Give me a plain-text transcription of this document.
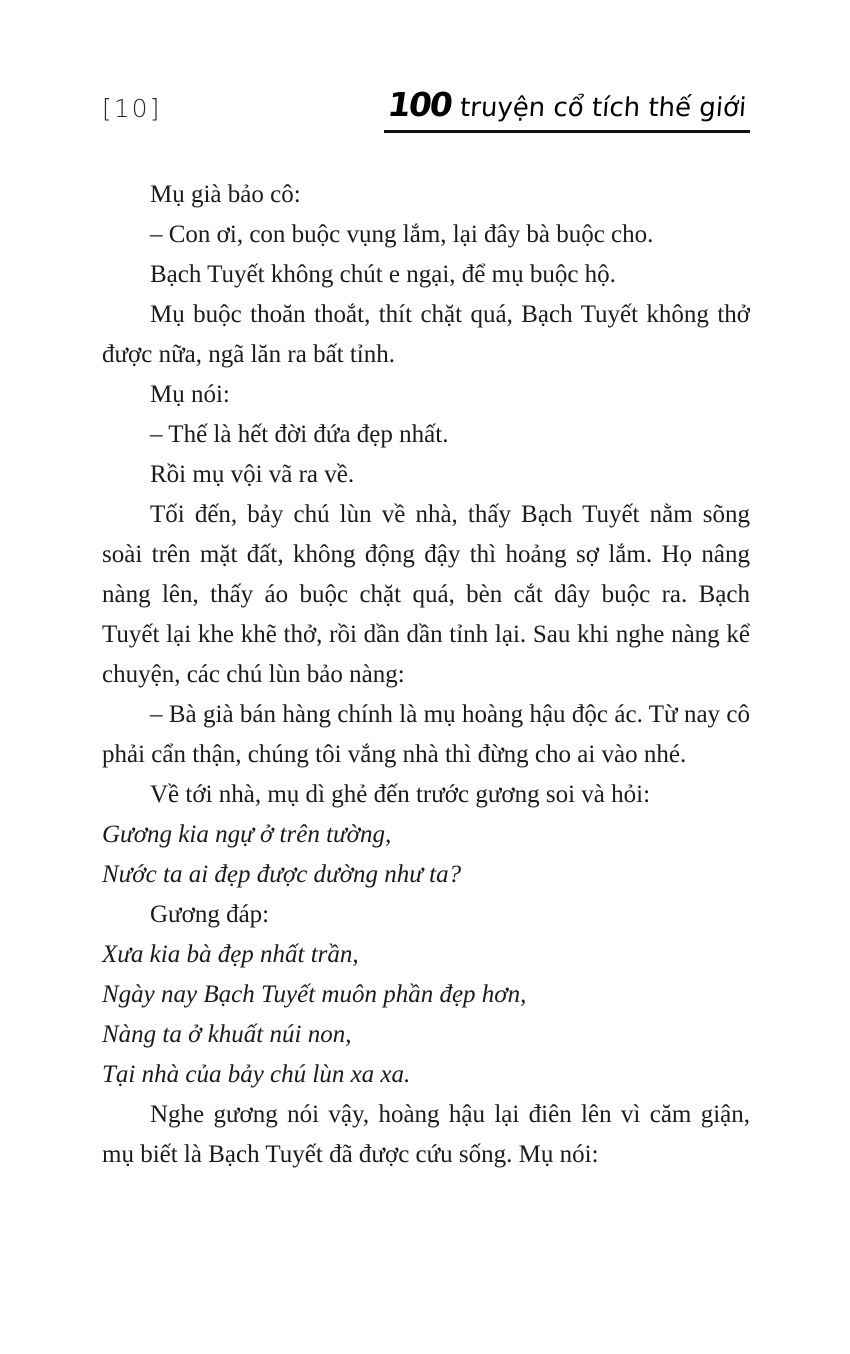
[10]	100 truyện cổ tích thế giới

Mụ già bảo cô:

– Con ơi, con buộc vụng lắm, lại đây bà buộc cho.

Bạch Tuyết không chút e ngại, để mụ buộc hộ.

Mụ buộc thoăn thoắt, thít chặt quá, Bạch Tuyết không thở được nữa, ngã lăn ra bất tỉnh.

Mụ nói:

– Thế là hết đời đứa đẹp nhất.

Rồi mụ vội vã ra về.

Tối đến, bảy chú lùn về nhà, thấy Bạch Tuyết nằm sõng soài trên mặt đất, không động đậy thì hoảng sợ lắm. Họ nâng nàng lên, thấy áo buộc chặt quá, bèn cắt dây buộc ra. Bạch Tuyết lại khe khẽ thở, rồi dần dần tỉnh lại. Sau khi nghe nàng kể chuyện, các chú lùn bảo nàng:

– Bà già bán hàng chính là mụ hoàng hậu độc ác. Từ nay cô phải cẩn thận, chúng tôi vắng nhà thì đừng cho ai vào nhé.

Về tới nhà, mụ dì ghẻ đến trước gương soi và hỏi:

Gương kia ngự ở trên tường,

Nước ta ai đẹp được dường như ta?

Gương đáp:

Xưa kia bà đẹp nhất trần,

Ngày nay Bạch Tuyết muôn phần đẹp hơn,

Nàng ta ở khuất núi non,

Tại nhà của bảy chú lùn xa xa.

Nghe gương nói vậy, hoàng hậu lại điên lên vì căm giận, mụ biết là Bạch Tuyết đã được cứu sống. Mụ nói:
